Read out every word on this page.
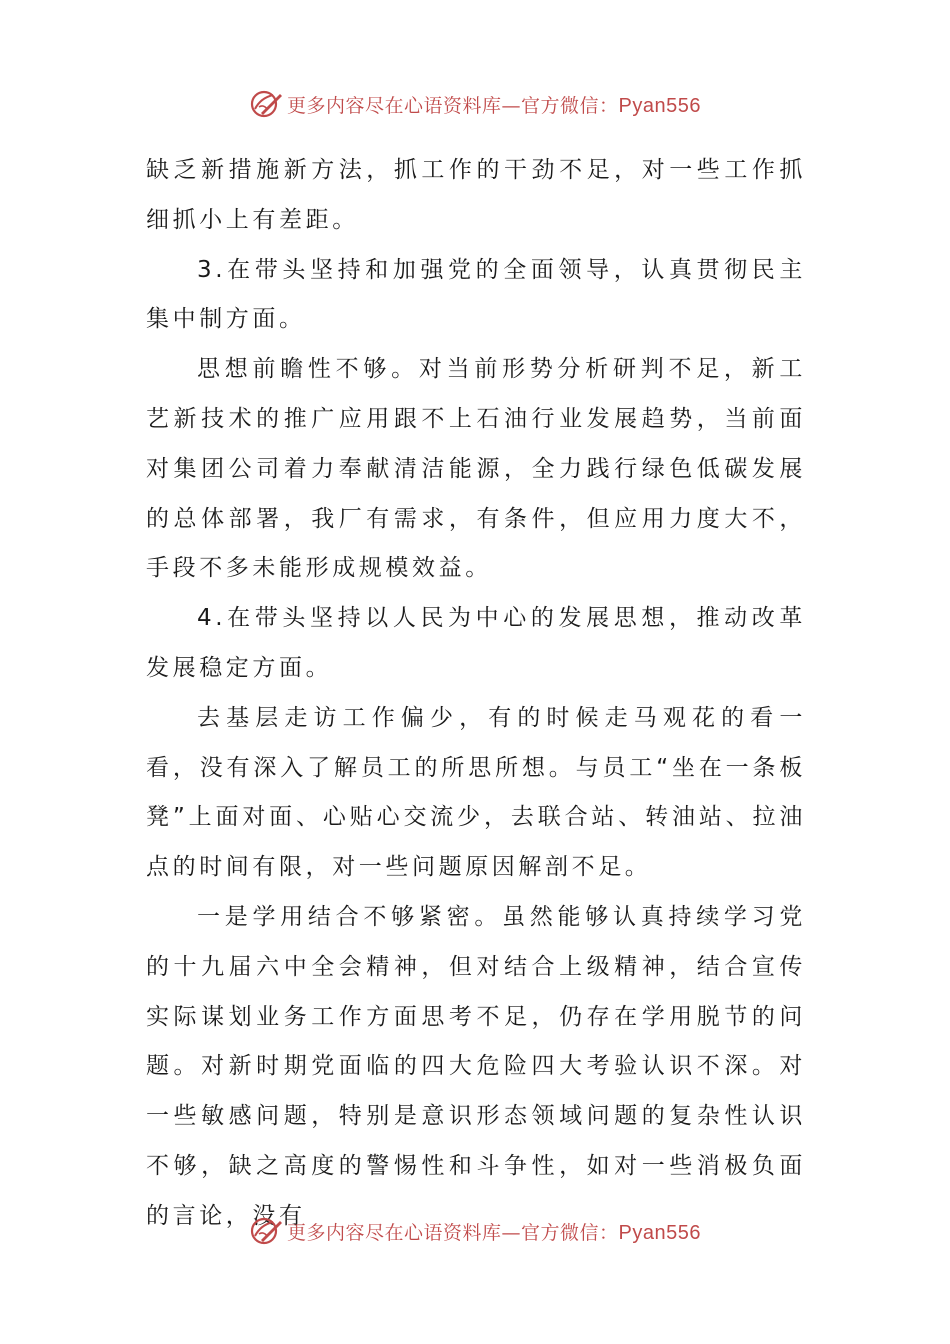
更多内容尽在心语资料库—官方微信：Pyan556

缺乏新措施新方法，抓工作的干劲不足，对一些工作抓细抓小上有差距。

3.在带头坚持和加强党的全面领导，认真贯彻民主集中制方面。

思想前瞻性不够。对当前形势分析研判不足，新工艺新技术的推广应用跟不上石油行业发展趋势，当前面对集团公司着力奉献清洁能源，全力践行绿色低碳发展的总体部署，我厂有需求，有条件，但应用力度大不，手段不多未能形成规模效益。

4.在带头坚持以人民为中心的发展思想，推动改革发展稳定方面。

去基层走访工作偏少，有的时候走马观花的看一看，没有深入了解员工的所思所想。与员工“坐在一条板凳”上面对面、心贴心交流少，去联合站、转油站、拉油点的时间有限，对一些问题原因解剖不足。

一是学用结合不够紧密。虽然能够认真持续学习党的十九届六中全会精神，但对结合上级精神，结合宣传实际谋划业务工作方面思考不足，仍存在学用脱节的问题。对新时期党面临的四大危险四大考验认识不深。对一些敏感问题，特别是意识形态领域问题的复杂性认识不够，缺之高度的警惕性和斗争性，如对一些消极负面的言论，没有

更多内容尽在心语资料库—官方微信：Pyan556
